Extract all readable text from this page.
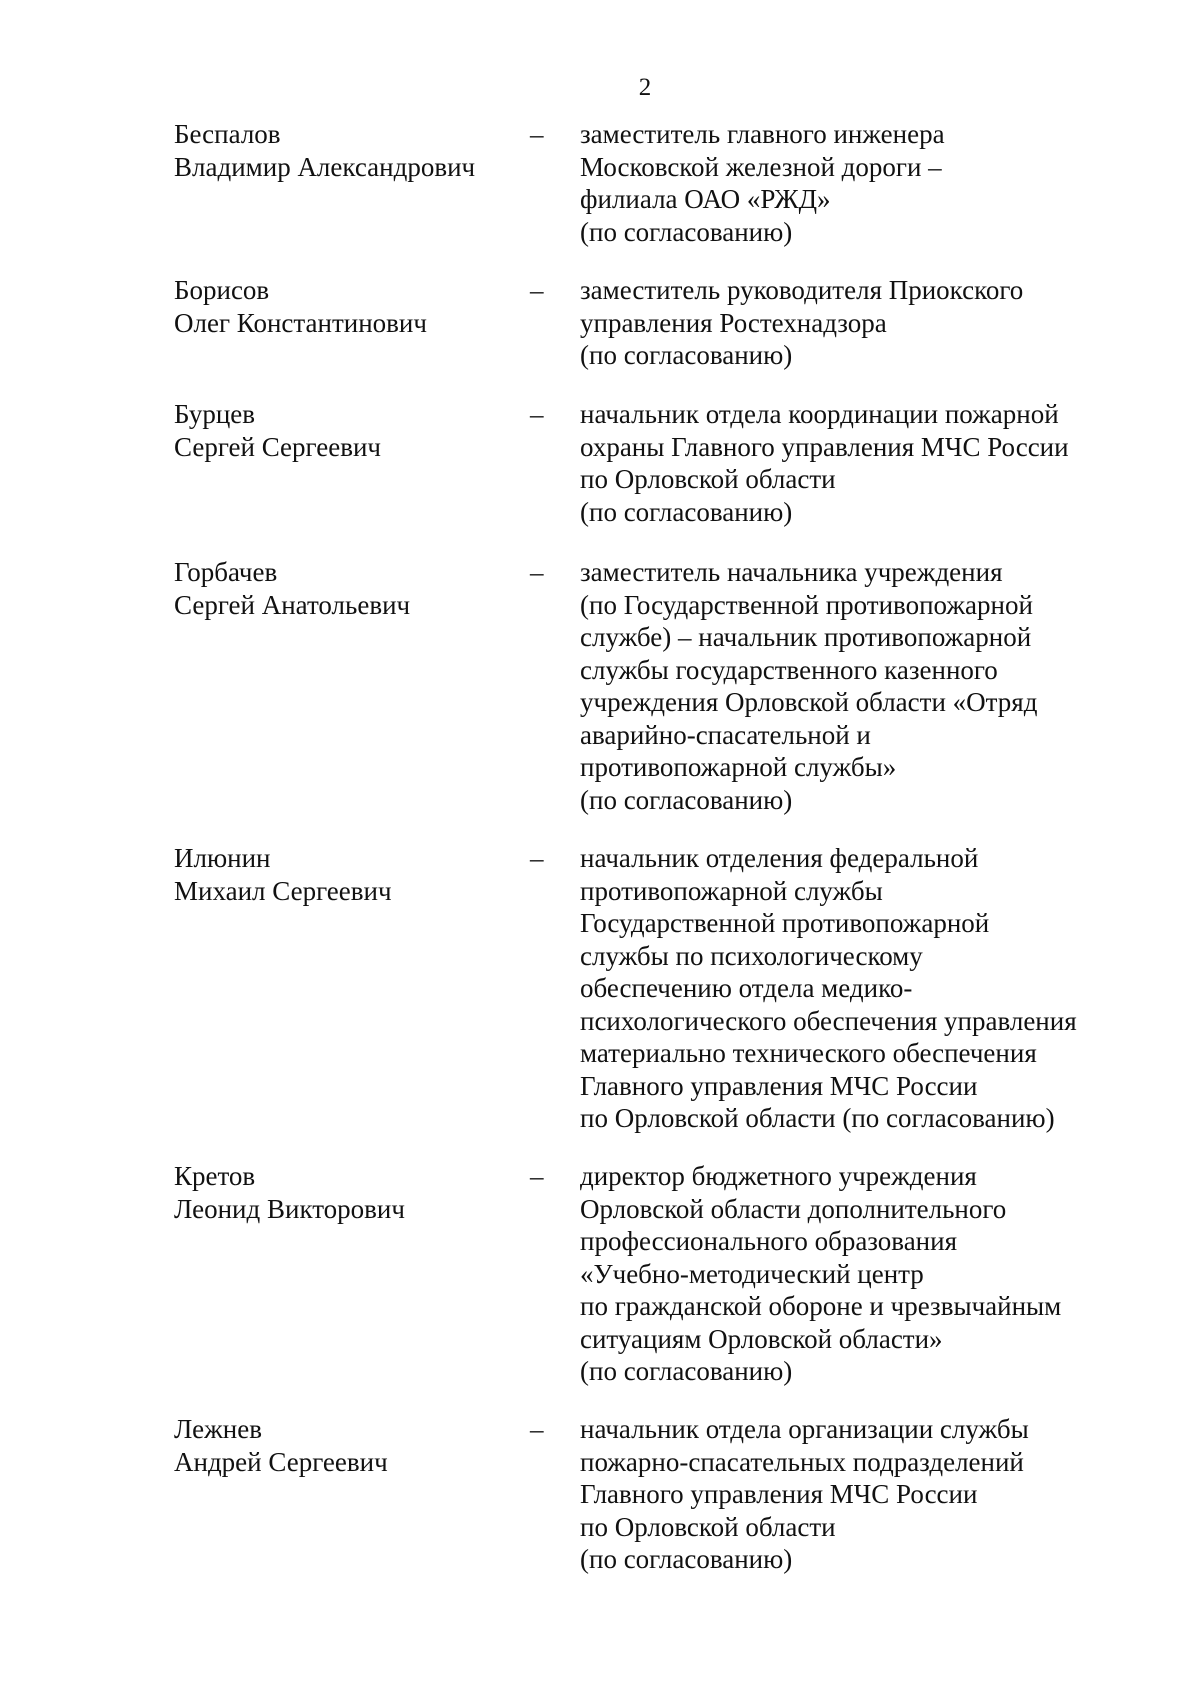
2
Беспалов
Владимир Александрович
– заместитель главного инженера
Московской железной дороги –
филиала ОАО «РЖД»
(по согласованию)
Борисов
Олег Константинович
– заместитель руководителя Приокского
управления Ростехнадзора
(по согласованию)
Бурцев
Сергей Сергеевич
– начальник отдела координации пожарной
охраны Главного управления МЧС России
по Орловской области
(по согласованию)
Горбачев
Сергей Анатольевич
– заместитель начальника учреждения
(по Государственной противопожарной
службе) – начальник противопожарной
службы государственного казенного
учреждения Орловской области «Отряд
аварийно-спасательной и
противопожарной службы»
(по согласованию)
Илюнин
Михаил Сергеевич
– начальник отделения федеральной
противопожарной службы
Государственной противопожарной
службы по психологическому
обеспечению отдела медико-
психологического обеспечения управления
материально технического обеспечения
Главного управления МЧС России
по Орловской области (по согласованию)
Кретов
Леонид Викторович
– директор бюджетного учреждения
Орловской области дополнительного
профессионального образования
«Учебно-методический центр
по гражданской обороне и чрезвычайным
ситуациям Орловской области»
(по согласованию)
Лежнев
Андрей Сергеевич
– начальник отдела организации службы
пожарно-спасательных подразделений
Главного управления МЧС России
по Орловской области
(по согласованию)
